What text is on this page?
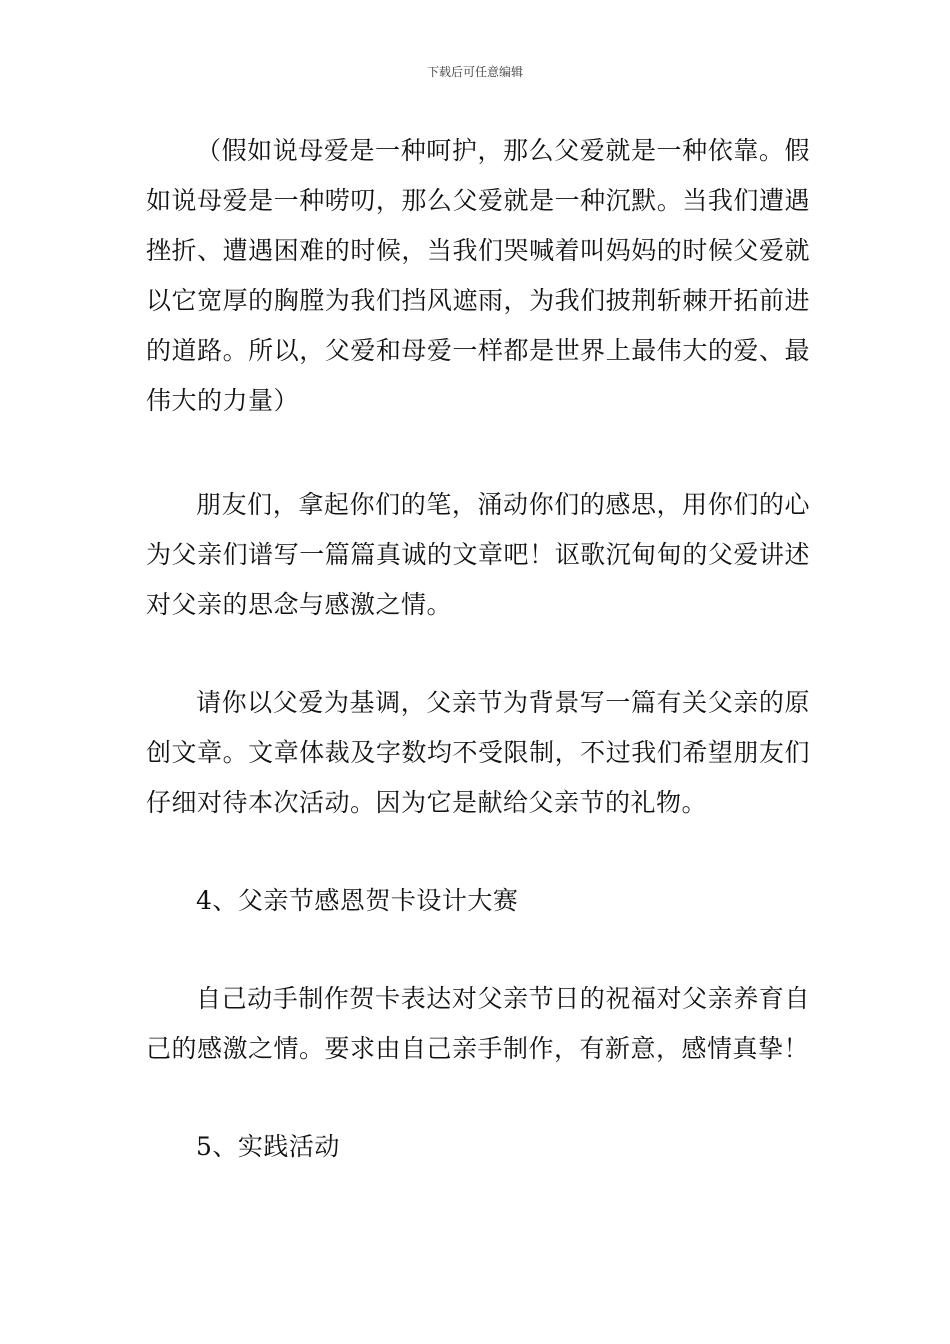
下载后可任意编辑

（假如说母爱是一种呵护，那么父爱就是一种依靠。假如说母爱是一种唠叨，那么父爱就是一种沉默。当我们遭遇挫折、遭遇困难的时候，当我们哭喊着叫妈妈的时候父爱就以它宽厚的胸膛为我们挡风遮雨，为我们披荆斩棘开拓前进的道路。所以，父爱和母爱一样都是世界上最伟大的爱、最伟大的力量）

朋友们，拿起你们的笔，涌动你们的感思，用你们的心为父亲们谱写一篇篇真诚的文章吧！讴歌沉甸甸的父爱讲述对父亲的思念与感激之情。

请你以父爱为基调，父亲节为背景写一篇有关父亲的原创文章。文章体裁及字数均不受限制，不过我们希望朋友们仔细对待本次活动。因为它是献给父亲节的礼物。

4、父亲节感恩贺卡设计大赛

自己动手制作贺卡表达对父亲节日的祝福对父亲养育自己的感激之情。要求由自己亲手制作，有新意，感情真挚！

5、实践活动
